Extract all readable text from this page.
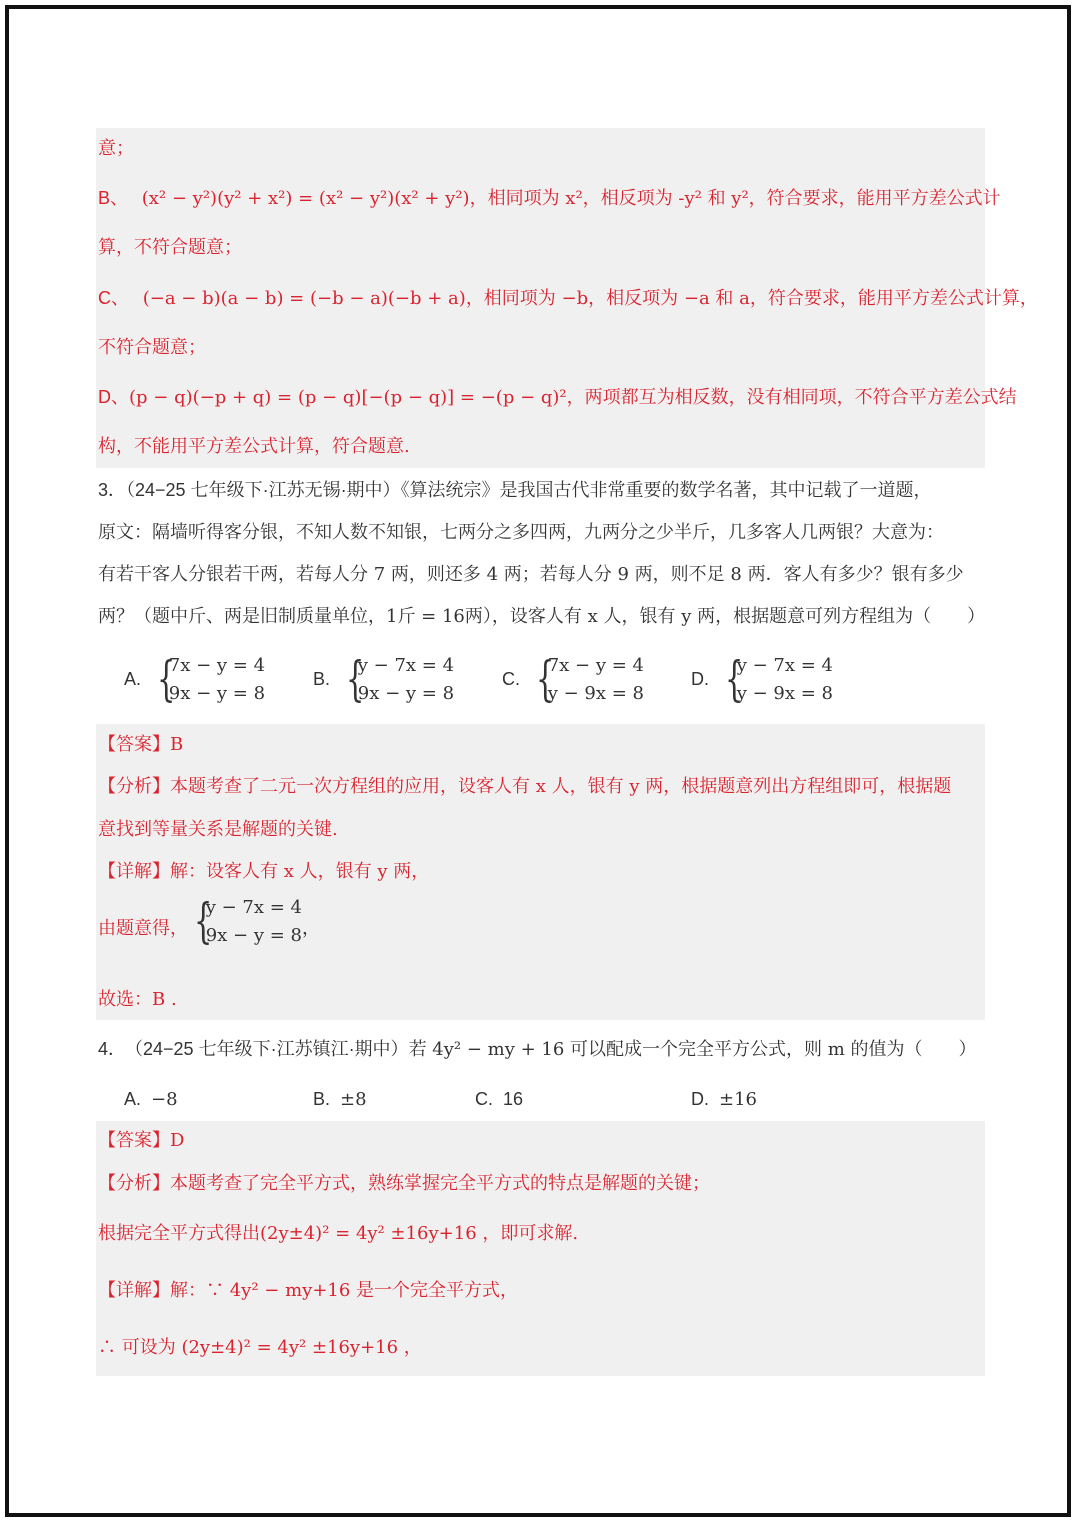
意；
B、 (x² − y²)(y² + x²) = (x² − y²)(x² + y²)，相同项为 x²，相反项为 -y² 和 y²，符合要求，能用平方差公式计
算，不符合题意；
C、 (−a − b)(a − b) = (−b − a)(−b + a)，相同项为 −b，相反项为 −a 和 a，符合要求，能用平方差公式计算，
不符合题意；
D、(p − q)(−p + q) = (p − q)[−(p − q)] = −(p − q)²，两项都互为相反数，没有相同项，不符合平方差公式结
构，不能用平方差公式计算，符合题意.
3．（24−25 七年级下·江苏无锡·期中）《算法统宗》是我国古代非常重要的数学名著，其中记载了一道题，
原文：隔墙听得客分银，不知人数不知银，七两分之多四两，九两分之少半斤，几多客人几两银？大意为：
有若干客人分银若干两，若每人分 7 两，则还多 4 两；若每人分 9 两，则不足 8 两．客人有多少？银有多少
两？（题中斤、两是旧制质量单位，1斤 = 16两），设客人有 x 人，银有 y 两，根据题意可列方程组为（　　）
A. {
7x − y = 4
9x − y = 8
B. {
y − 7x = 4
9x − y = 8
C. {
7x − y = 4
y − 9x = 8
D. {
y − 7x = 4
y − 9x = 8
【答案】B
【分析】本题考查了二元一次方程组的应用，设客人有 x 人，银有 y 两，根据题意列出方程组即可，根据题
意找到等量关系是解题的关键.
【详解】解：设客人有 x 人，银有 y 两，
由题意得， {
y − 7x = 4
9x − y = 8 ，
故选：B .
4． （24−25 七年级下·江苏镇江·期中）若 4y² − my + 16 可以配成一个完全平方公式，则 m 的值为（　　）
A. −8	B. ±8	C. 16	D. ±16
【答案】D
【分析】本题考查了完全平方式，熟练掌握完全平方式的特点是解题的关键；
根据完全平方式得出(2y±4)² = 4y² ±16y+16 ，即可求解.
【详解】解：∵ 4y² − my+16 是一个完全平方式，
∴ 可设为 (2y±4)² = 4y² ±16y+16 ，
